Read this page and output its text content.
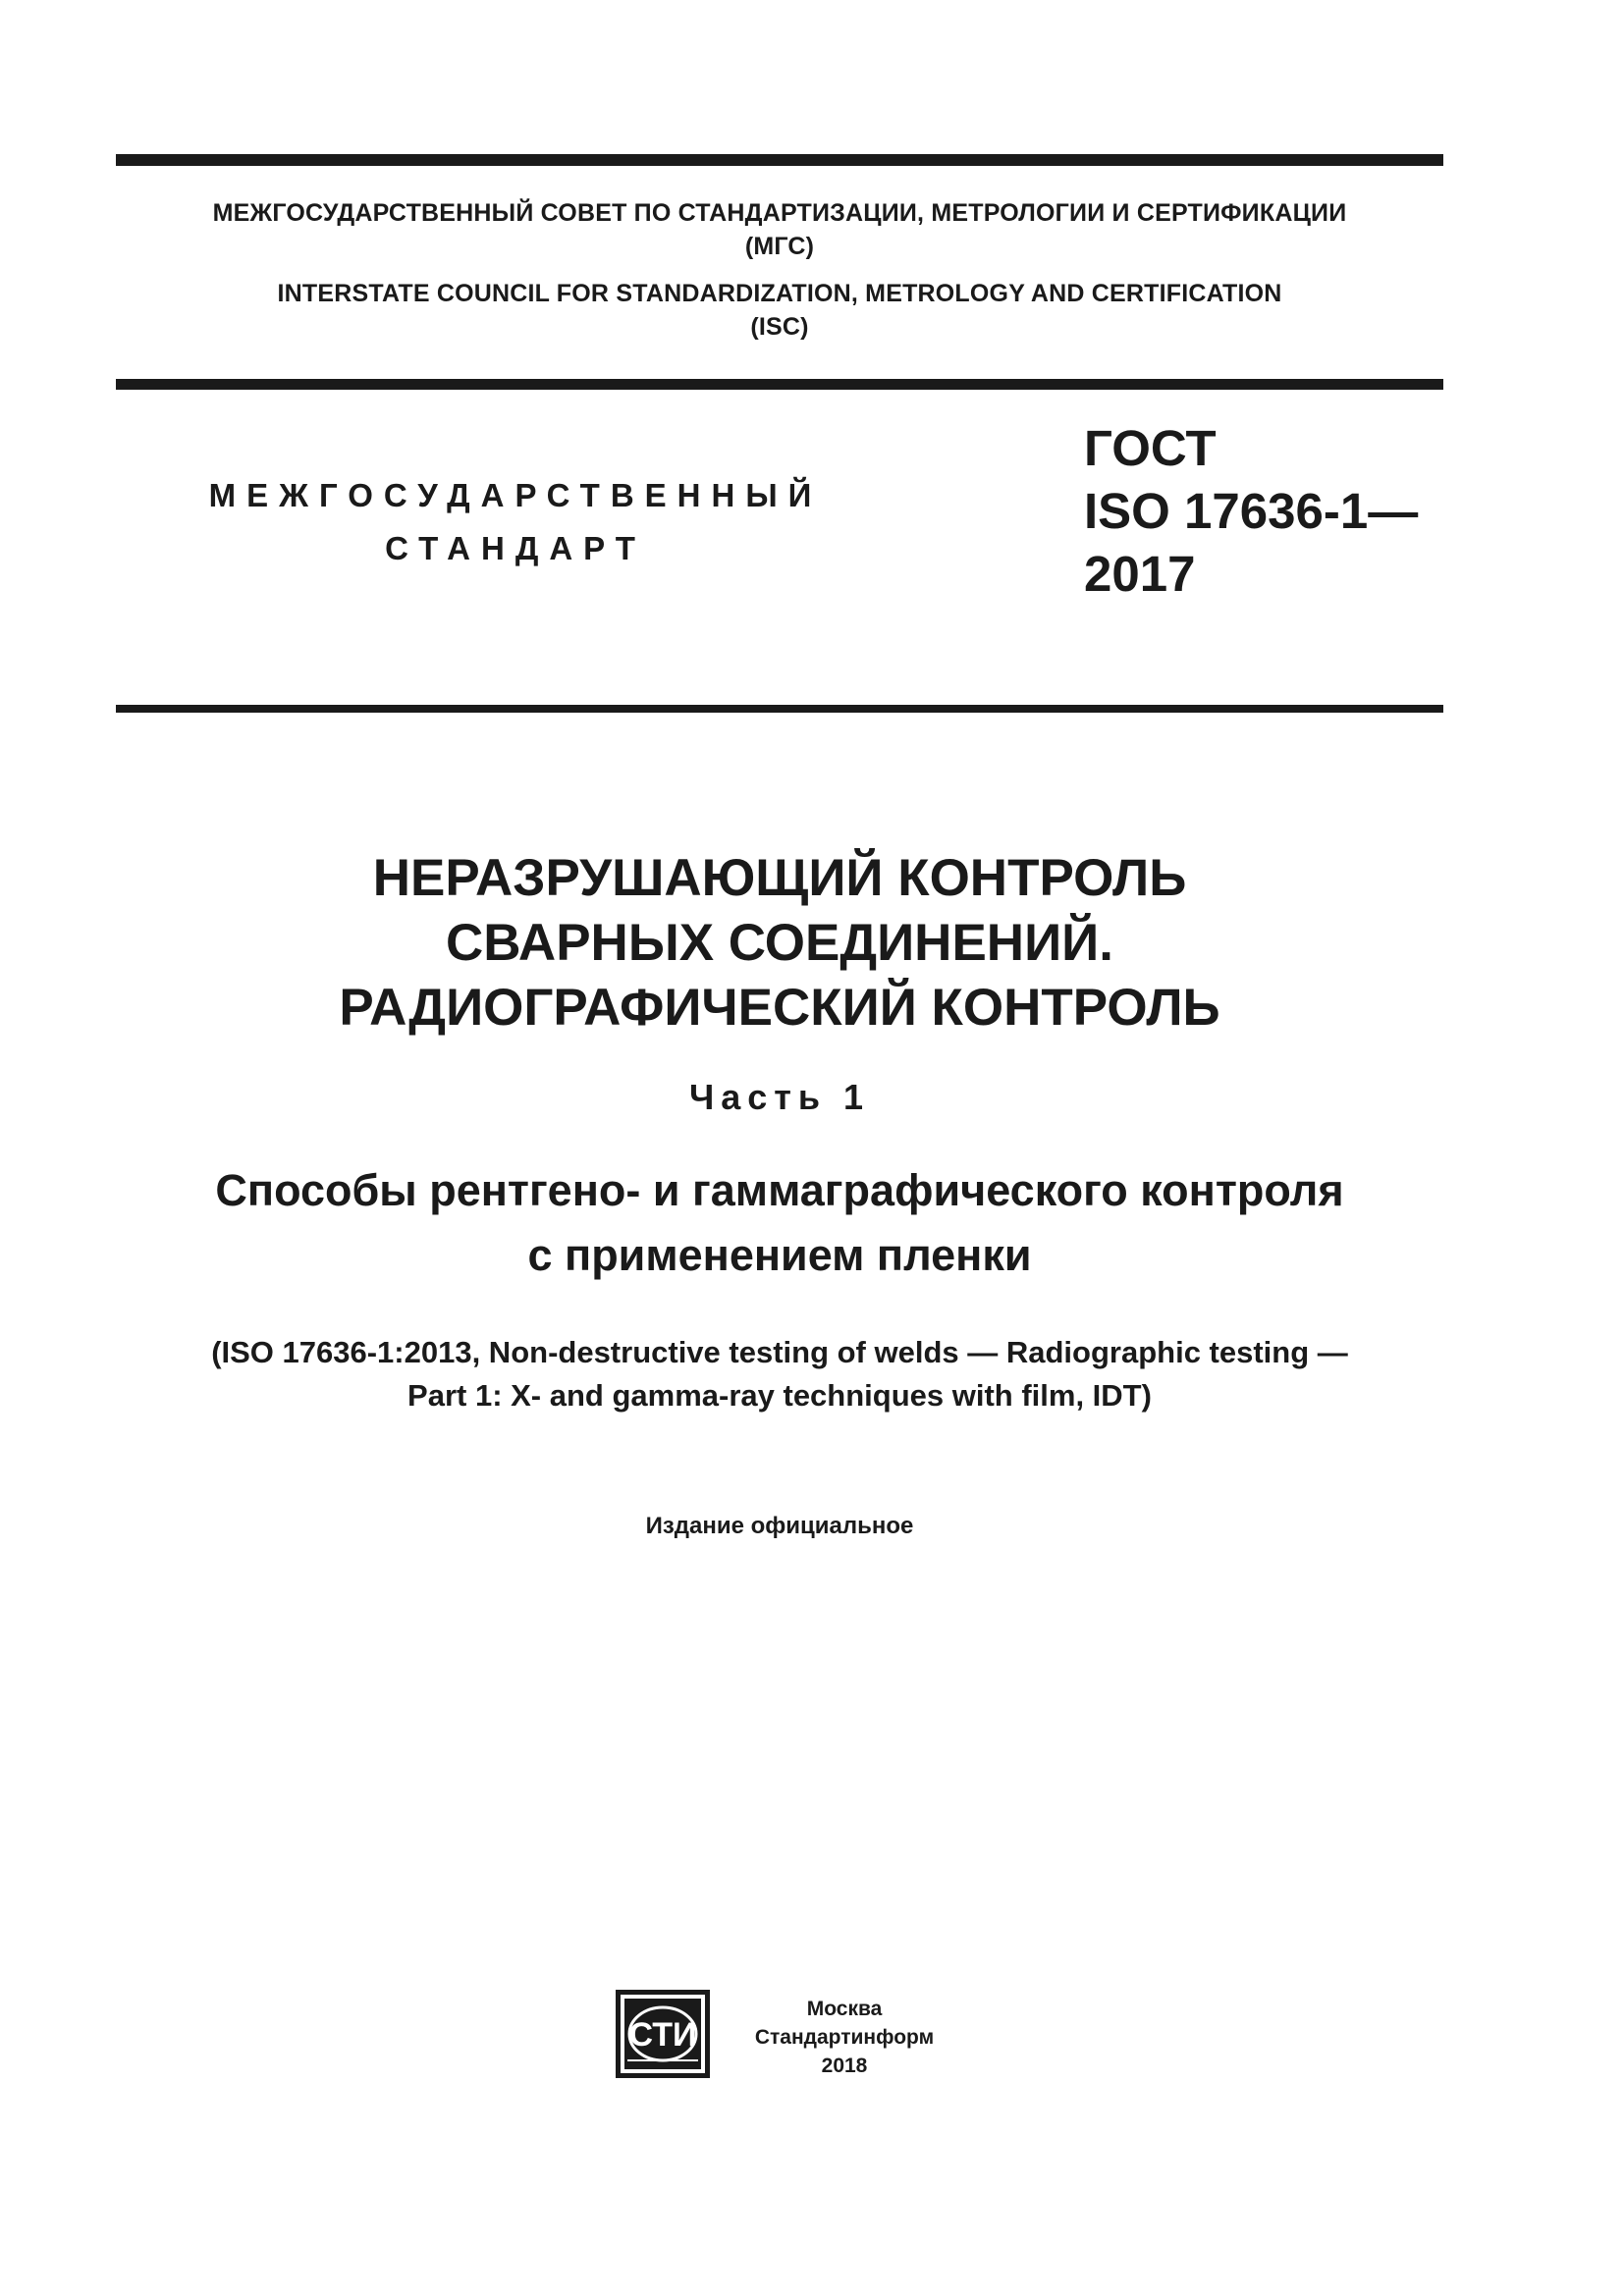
МЕЖГОСУДАРСТВЕННЫЙ СОВЕТ ПО СТАНДАРТИЗАЦИИ, МЕТРОЛОГИИ И СЕРТИФИКАЦИИ
(МГС)
INTERSTATE COUNCIL FOR STANDARDIZATION, METROLOGY AND CERTIFICATION
(ISC)
МЕЖГОСУДАРСТВЕННЫЙ
СТАНДАРТ
ГОСТ
ISO 17636-1—
2017
НЕРАЗРУШАЮЩИЙ КОНТРОЛЬ
СВАРНЫХ СОЕДИНЕНИЙ.
РАДИОГРАФИЧЕСКИЙ КОНТРОЛЬ
Часть 1
Способы рентгено- и гаммаграфического контроля
с применением пленки
(ISO 17636-1:2013, Non-destructive testing of welds — Radiographic testing —
Part 1: X- and gamma-ray techniques with film, IDT)
Издание официальное
СТИ
Москва
Стандартинформ
2018
